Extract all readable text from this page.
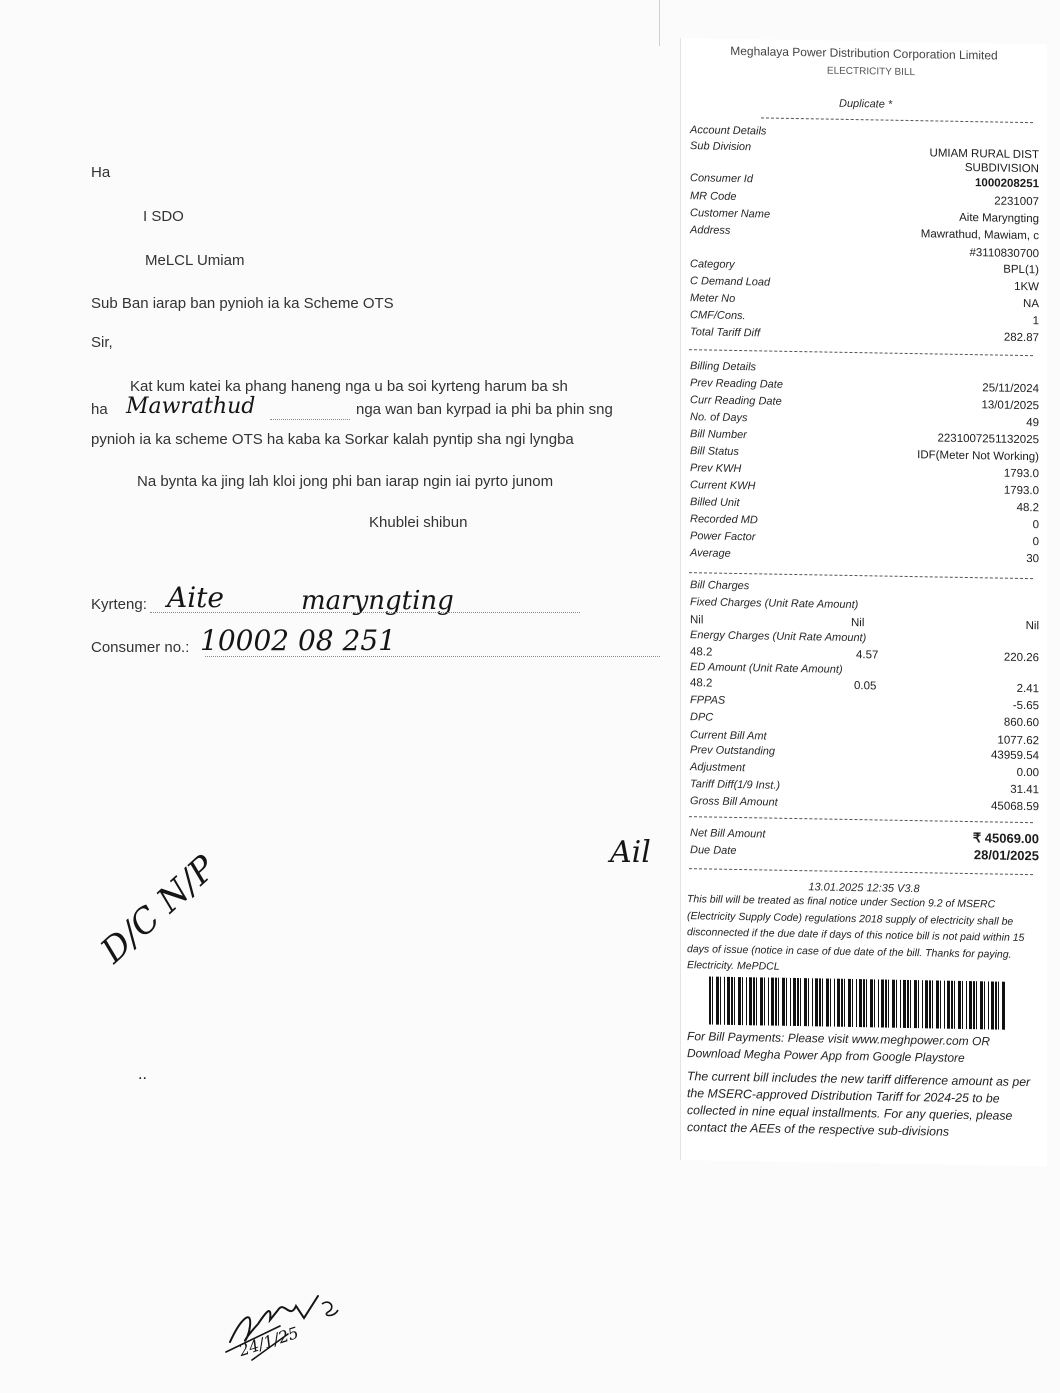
Ha
I SDO
MeLCL Umiam
Sub Ban iarap ban pynioh ia ka Scheme OTS
Sir,
Kat kum katei ka phang haneng nga u ba soi kyrteng harum ba sh
ha Mawrathud	nga wan ban kyrpad ia phi ba phin sng
pynioh ia ka scheme OTS ha kaba ka Sorkar kalah pyntip sha ngi lyngba
Na bynta ka jing lah kloi jong phi ban iarap ngin iai pyrto junom
Khublei shibun
Kyrteng: Aite	maryngting
Consumer no.: 10002 08 251
D/C N/P	Ail
..
24/1/25
Meghalaya Power Distribution Corporation Limited
ELECTRICITY BILL
Duplicate *
Account Details
Sub Division
UMIAM RURAL DIST
SUBDIVISION
Consumer Id	1000208251
MR Code	2231007
Customer Name	Aite Maryngting
Address	Mawrathud, Mawiam, c
#3110830700
Category	BPL(1)
C Demand Load	1KW
Meter No	NA
CMF/Cons.	1
Total Tariff Diff	282.87
Billing Details
Prev Reading Date	25/11/2024
Curr Reading Date	13/01/2025
No. of Days	49
Bill Number	2231007251132025
Bill Status	IDF(Meter Not Working)
Prev KWH	1793.0
Current KWH	1793.0
Billed Unit	48.2
Recorded MD	0
Power Factor	0
Average	30
Bill Charges
Fixed Charges (Unit Rate Amount)
Nil	Nil	Nil
Energy Charges (Unit Rate Amount)
48.2	4.57	220.26
ED Amount (Unit Rate Amount)
48.2	0.05	2.41
FPPAS	-5.65
DPC	860.60
Current Bill Amt	1077.62
Prev Outstanding	43959.54
Adjustment	0.00
Tariff Diff(1/9 Inst.)	31.41
Gross Bill Amount	45068.59
Net Bill Amount	₹ 45069.00
Due Date	28/01/2025
13.01.2025 12:35 V3.8
This bill will be treated as final notice under Section 9.2 of MSERC (Electricity Supply Code) regulations 2018 supply of electricity shall be disconnected if the due date if days of this notice bill is not paid within 15 days of issue (notice in case of due date of the bill. Thanks for paying. Electricity. MePDCL
For Bill Payments: Please visit www.meghpower.com OR Download Megha Power App from Google Playstore
The current bill includes the new tariff difference amount as per the MSERC-approved Distribution Tariff for 2024-25 to be collected in nine equal installments. For any queries, please contact the AEEs of the respective sub-divisions
